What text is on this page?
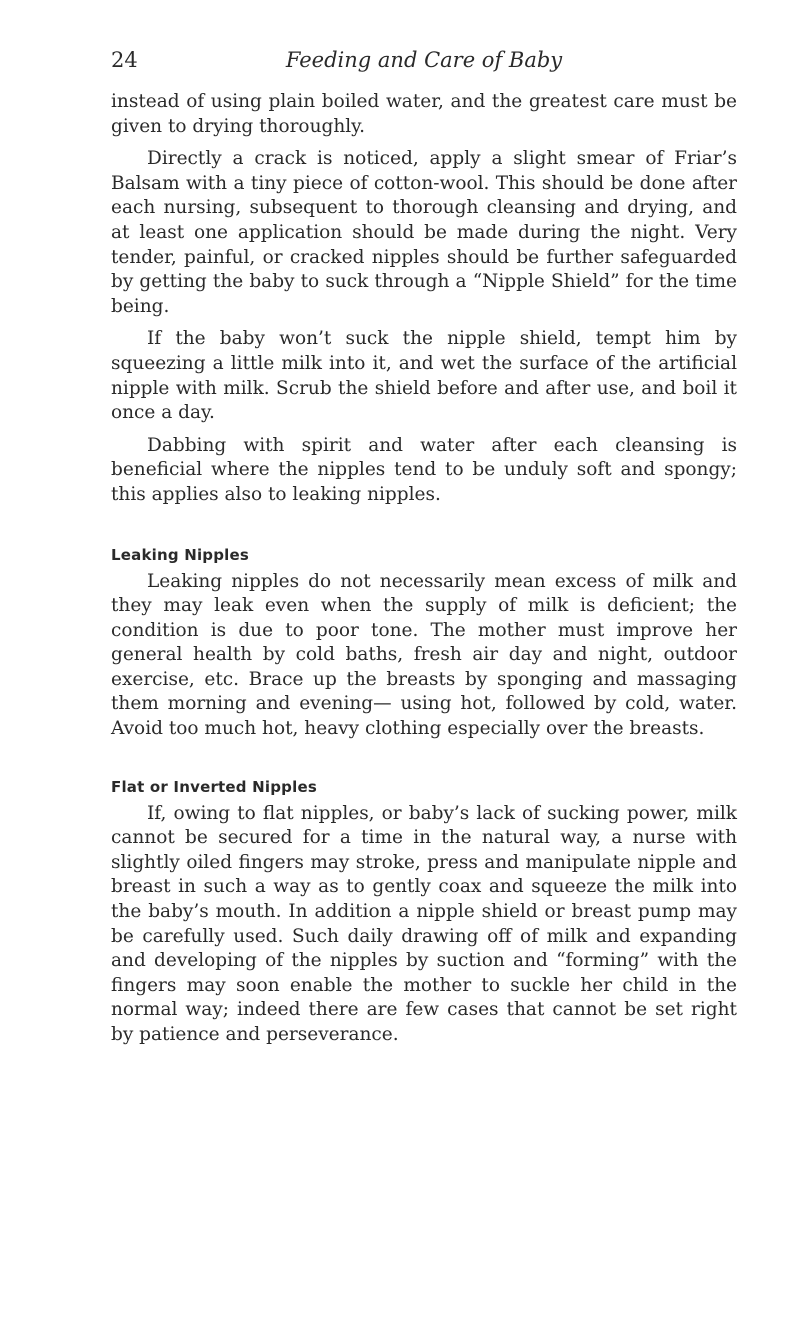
24	Feeding and Care of Baby

instead of using plain boiled water, and the greatest care must be given to drying thoroughly.

Directly a crack is noticed, apply a slight smear of Friar’s Balsam with a tiny piece of cotton-wool. This should be done after each nursing, subsequent to thorough cleansing and drying, and at least one application should be made during the night. Very tender, painful, or cracked nipples should be further safeguarded by getting the baby to suck through a “Nipple Shield” for the time being.

If the baby won’t suck the nipple shield, tempt him by squeezing a little milk into it, and wet the surface of the artificial nipple with milk. Scrub the shield before and after use, and boil it once a day.

Dabbing with spirit and water after each cleansing is beneficial where the nipples tend to be unduly soft and spongy; this applies also to leaking nipples.

Leaking Nipples

Leaking nipples do not necessarily mean excess of milk and they may leak even when the supply of milk is deficient; the condition is due to poor tone. The mother must improve her general health by cold baths, fresh air day and night, outdoor exercise, etc. Brace up the breasts by sponging and massaging them morning and evening— using hot, followed by cold, water. Avoid too much hot, heavy clothing especially over the breasts.

Flat or Inverted Nipples

If, owing to flat nipples, or baby’s lack of sucking power, milk cannot be secured for a time in the natural way, a nurse with slightly oiled fingers may stroke, press and manipulate nipple and breast in such a way as to gently coax and squeeze the milk into the baby’s mouth. In addition a nipple shield or breast pump may be carefully used. Such daily drawing off of milk and expanding and developing of the nipples by suction and “forming” with the fingers may soon enable the mother to suckle her child in the normal way; indeed there are few cases that cannot be set right by patience and perseverance.
